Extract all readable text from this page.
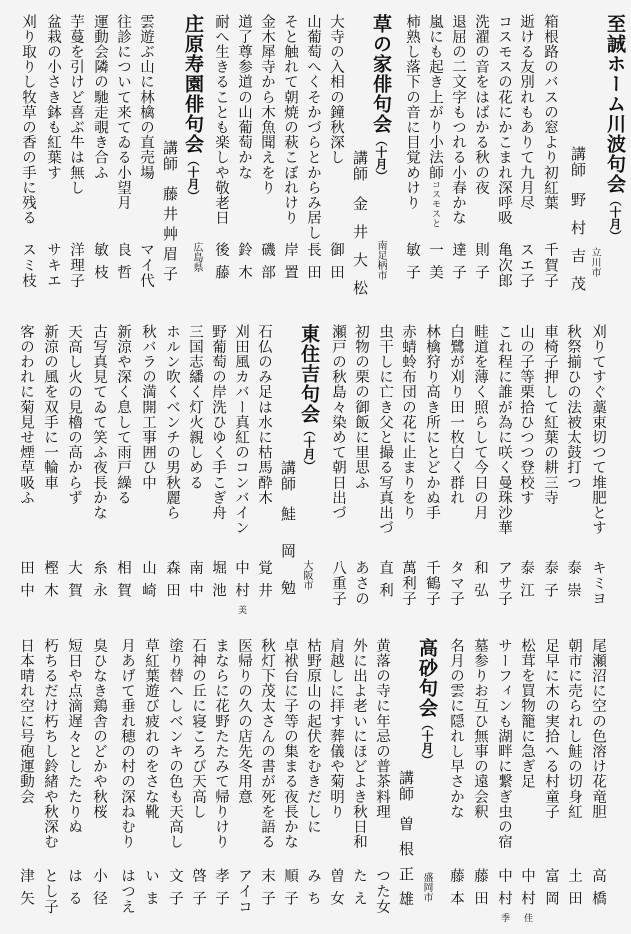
至誠ホーム川波句会（十月）
講師野村吉茂 立川市
箱根路のバスの窓より初紅葉
千賀子
逝ける友別れもありて九月尽
スエ子
コスモスの花にかこまれ深呼吸
亀次郎
洗濯の音をはばかる秋の夜
則子
退屈の二文字もつれる小春かな
達子
嵐にも起き上がり小法師コスモスと
一美
柿熟し落下の音に目覚めけり
敏子
草の家俳句会（十月）
講師金井大松 南足柄市
大寺の入相の鐘秋深し
御田
山葡萄へくそかづらとからみ居し
長田
そと触れて朝焼の萩こぼれけり
岸置
金木犀寺から木魚聞えをり
磯部
道了尊参道の山葡萄かな
鈴木
耐へ生きることも楽しや敬老日
後藤
庄原寿園俳句会（十月）
講師藤井艸眉子 広島県
雲遊ぶ山に林檎の直売場
マイ代
往診について来てゐる小望月
良哲
運動会隣の馳走覗き合ふ
敏枝
芋蔓を引けど喜ぶ牛は無し
洋理子
盆栽の小さき鉢も紅葉す
サキエ
刈り取りし牧草の香の手に残る
スミ枝
刈りてすぐ藁束切つて堆肥とす
キミヨ
秋祭揃ひの法被太鼓打つ
泰崇
車椅子押して紅葉の耕三寺
泰子
山の子等栗拾ひつつ登校す
泰江
これ程に誰が為に咲く曼珠沙華
アサ子
畦道を薄く照らして今日の月
和弘
白鷺が刈り田一枚白く群れ
タマ子
林檎狩り高き所にとどかぬ手
千鶴子
赤蜻蛉布団の花に止まりをり
萬利子
虫干しに亡き父と撮る写真出づ
直利
初物の栗の御飯に里思ふ
あさの
瀬戸の秋島々染めて朝日出づ
八重子
東住吉句会（十月）
講師鮭岡勉 大阪市
石仏のみ足は水に枯馬酔木
覚井
刈田風カバー真紅のコンバイン
中村美
野葡萄の岸洗ひゆく手こぎ舟
堀池
三国志繙く灯火親しめる
南中
ホルン吹くベンチの男秋麗ら
森田
秋バラの満開工事囲ひ中
山崎
新涼や深く息して雨戸繰る
相賀
古写真見てゐて笑ふ夜長かな
糸永
天高し火の見櫓の高からず
大賀
新涼の風を双手に一輪車
樫木
客のわれに菊見せ煙草吸ふ
田中
尾瀬沼に空の色溶け花竜胆
高橋
朝市に売られし鮭の切身紅
土田
足早に木の実拾へる村童子
富岡
松茸を買物籠に急ぎ足
中村佳
サーフィンも湖畔に繋ぎ虫の宿
中村季
墓参りお互ひ無事の遠会釈
藤田
名月の雲に隠れし早さかな
藤本
高砂句会（十月）
講師曽根正雄 盛岡市
黄落の寺に年忌の普茶料理
つた女
外に出よ老いにほどよき秋日和
たえ
肩越しに拝す葬儀や菊明り
曽女
枯野原山の起伏をむきだしに
みち
卓袱台に子等の集まる夜長かな
順子
秋灯下茂太さんの書が死を語る
末子
医帰りの久の店先冬用意
アイコ
まならに花野たたみて帰りけり
孝子
石神の丘に寝ころび天高し
啓子
塗り替へしベンキの色も天高し
文子
草紅葉遊び疲れのをさな靴
いま
月あげて垂れ穂の村の深ねむり
はつえ
臭ひなき鶏舎のどかや秋桜
小径
短日や点滴遅々としたたりぬ
はる
朽ちるだけ朽ちし鈴緒や秋深む
とし子
日本晴れ空に号砲運動会
津矢
